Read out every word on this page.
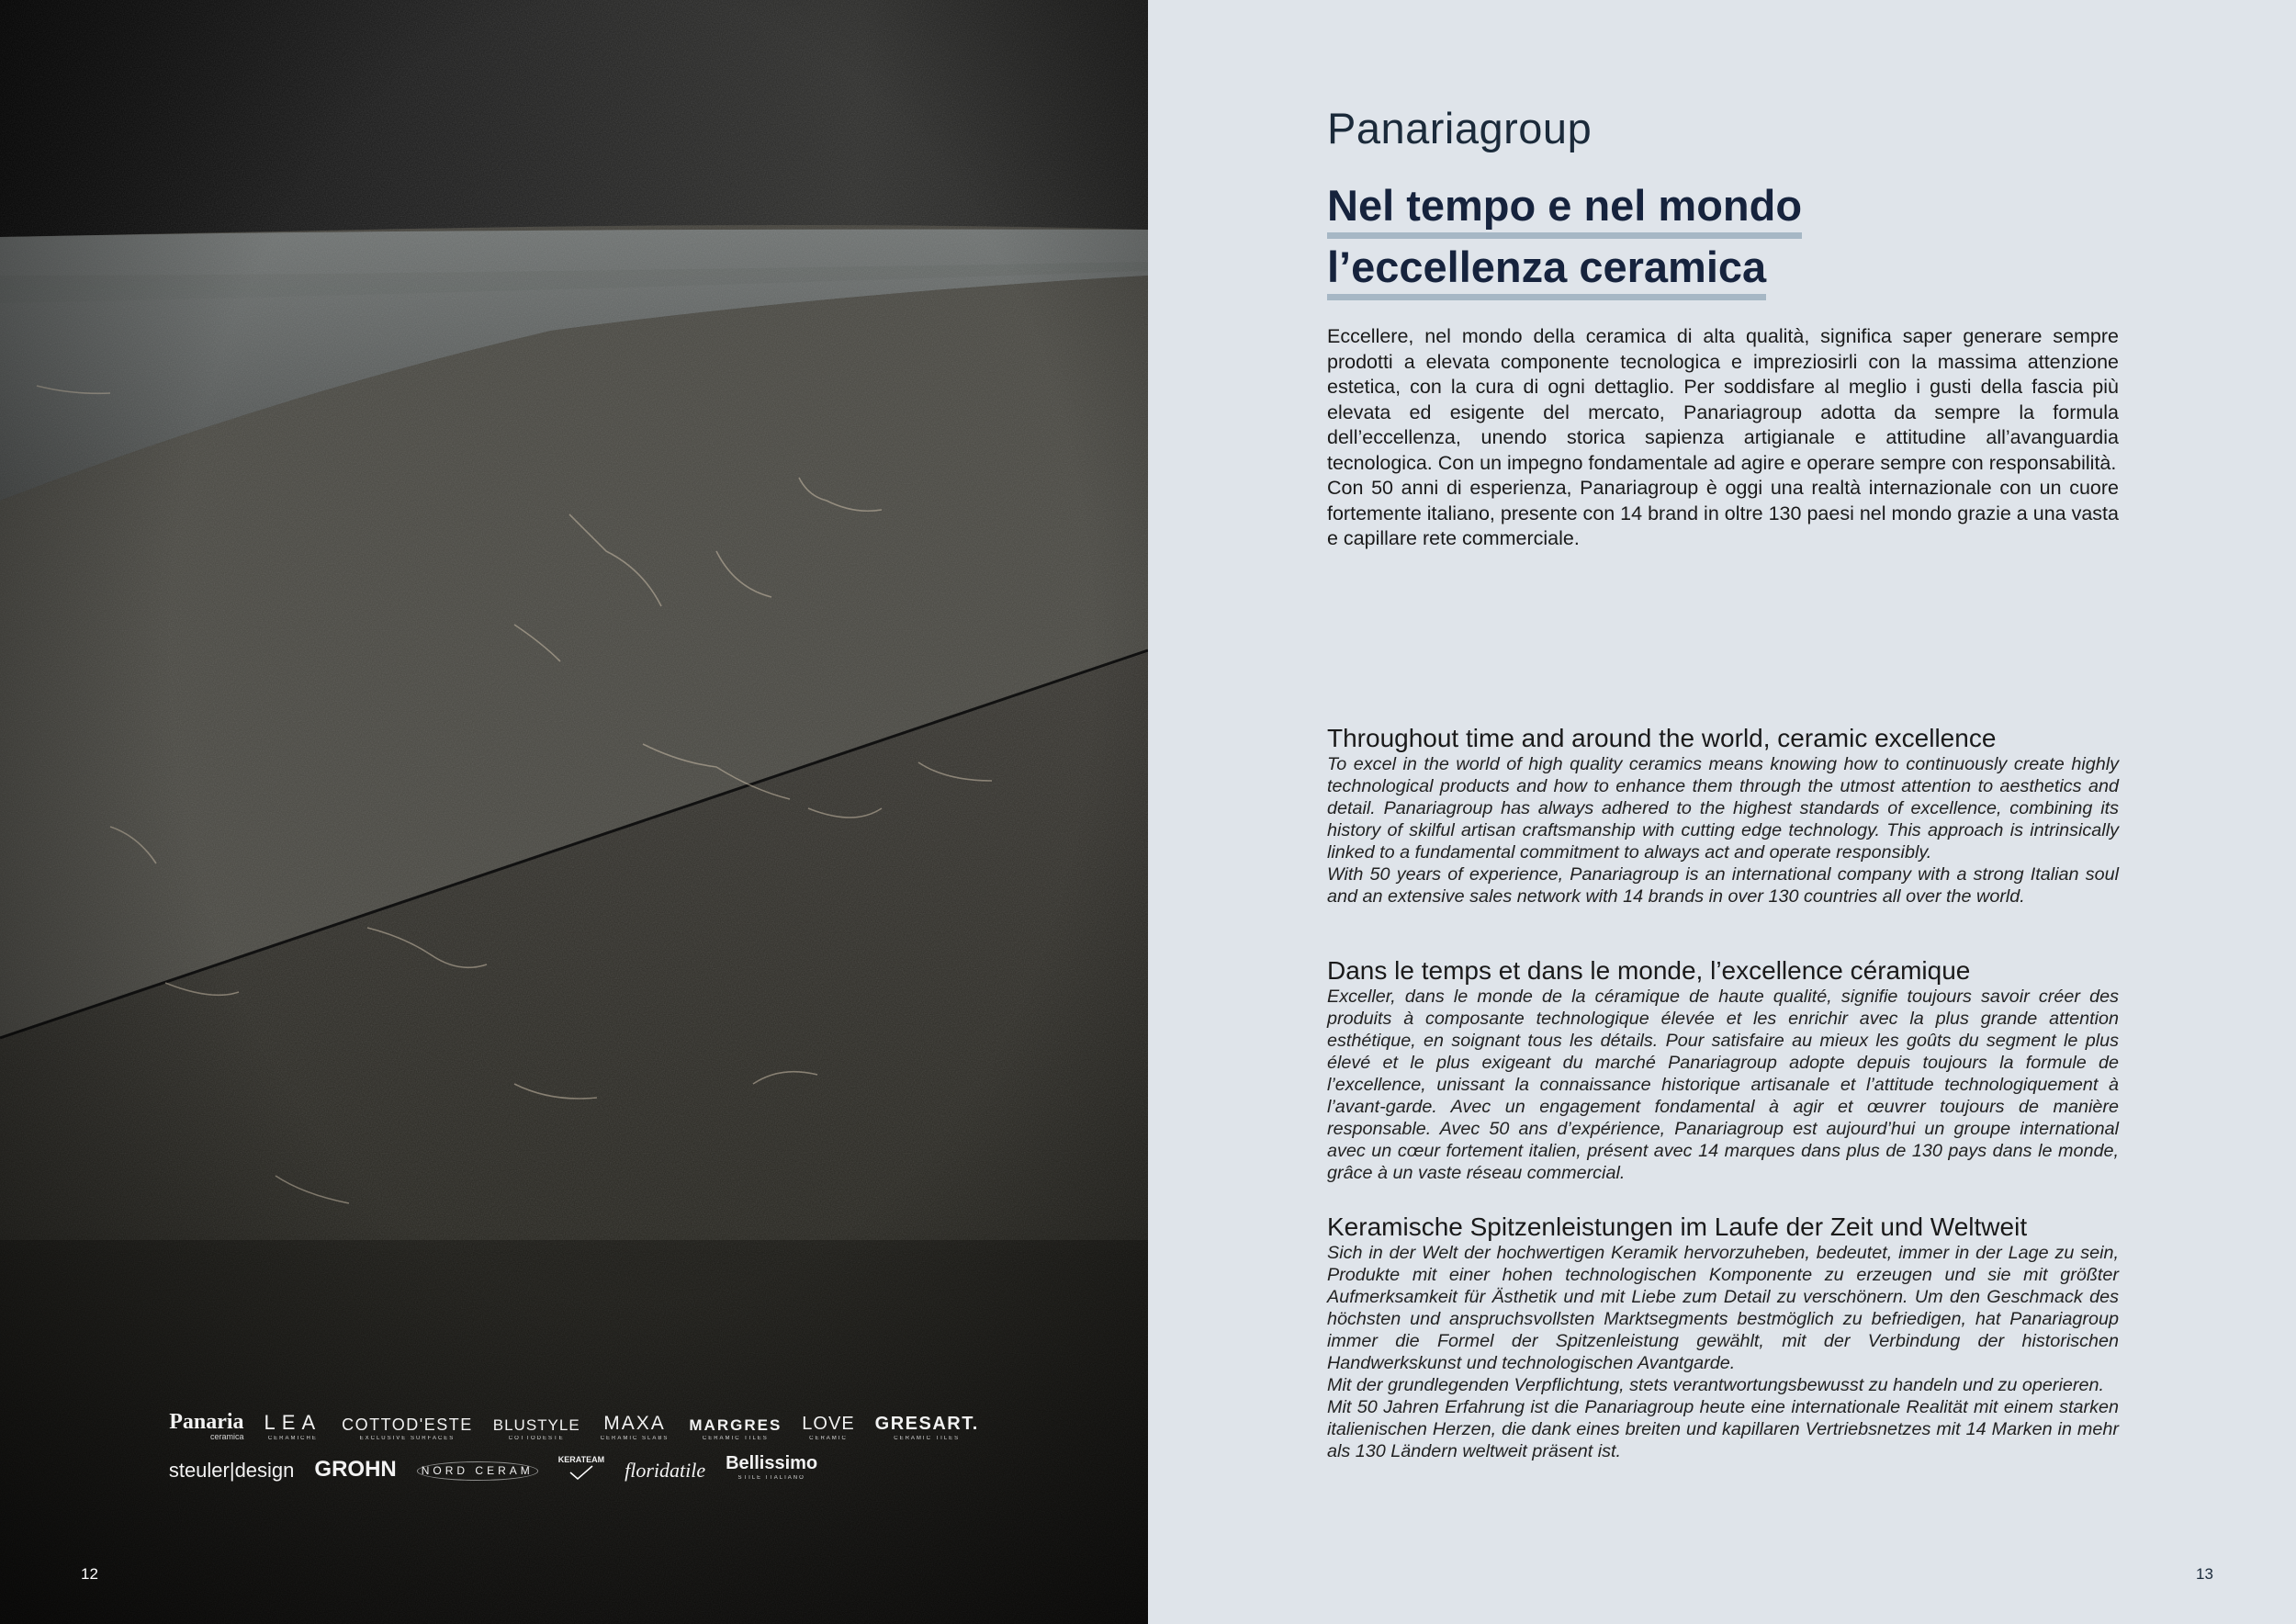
Panaria
ceramica
LEA
CERAMICHE
COTTOD'ESTE
EXCLUSIVE SURFACES
BLUSTYLE
COTTODESTE
MAXA
CERAMIC SLABS
MARGRES
CERAMIC TILES
LOVE
CERAMIC
GRESART.
CERAMIC TILES
steuler|design GROHN	NORD CERAM
KERATEAM floridatile Bellissimo
STILE ITALIANO
12
Panariagroup
Nel tempo e nel mondo
l’eccellenza ceramica

Eccellere, nel mondo della ceramica di alta qualità, significa saper generare sempre prodotti a elevata componente tecnologica e impreziosirli con la massima attenzione estetica, con la cura di ogni dettaglio. Per soddisfare al meglio i gusti della fascia più elevata ed esigente del mercato, Panariagroup adotta da sempre la formula dell’eccellenza, unendo storica sapienza artigianale e attitudine all’avanguardia tecnologica. Con un impegno fondamentale ad agire e operare sempre con responsabilità.

Con 50 anni di esperienza, Panariagroup è oggi una realtà internazionale con un cuore fortemente italiano, presente con 14 brand in oltre 130 paesi nel mondo grazie a una vasta e capillare rete commerciale.

Throughout time and around the world, ceramic excellence

To excel in the world of high quality ceramics means knowing how to continuously create highly technological products and how to enhance them through the utmost attention to aesthetics and detail. Panariagroup has always adhered to the highest standards of excellence, combining its history of skilful artisan craftsmanship with cutting edge technology. This approach is intrinsically linked to a fundamental commitment to always act and operate responsibly.

With 50 years of experience, Panariagroup is an international company with a strong Italian soul and an extensive sales network with 14 brands in over 130 countries all over the world.

Dans le temps et dans le monde, l’excellence céramique

Exceller, dans le monde de la céramique de haute qualité, signifie toujours savoir créer des produits à composante technologique élevée et les enrichir avec la plus grande attention esthétique, en soignant tous les détails. Pour satisfaire au mieux les goûts du segment le plus élevé et le plus exigeant du marché Panariagroup adopte depuis toujours la formule de l’excellence, unissant la connaissance historique artisanale et l’attitude technologiquement à l’avant-garde. Avec un engagement fondamental à agir et œuvrer toujours de manière responsable. Avec 50 ans d’expérience, Panariagroup est aujourd’hui un groupe international avec un cœur fortement italien, présent avec 14 marques dans plus de 130 pays dans le monde, grâce à un vaste réseau commercial.

Keramische Spitzenleistungen im Laufe der Zeit und Weltweit

Sich in der Welt der hochwertigen Keramik hervorzuheben, bedeutet, immer in der Lage zu sein, Produkte mit einer hohen technologischen Komponente zu erzeugen und sie mit größter Aufmerksamkeit für Ästhetik und mit Liebe zum Detail zu verschönern. Um den Geschmack des höchsten und anspruchsvollsten Marktsegments bestmöglich zu befriedigen, hat Panariagroup immer die Formel der Spitzenleistung gewählt, mit der Verbindung der historischen Handwerkskunst und technologischen Avantgarde.

Mit der grundlegenden Verpflichtung, stets verantwortungsbewusst zu handeln und zu operieren.

Mit 50 Jahren Erfahrung ist die Panariagroup heute eine internationale Realität mit einem starken italienischen Herzen, die dank eines breiten und kapillaren Vertriebsnetzes mit 14 Marken in mehr als 130 Ländern weltweit präsent ist.

13
